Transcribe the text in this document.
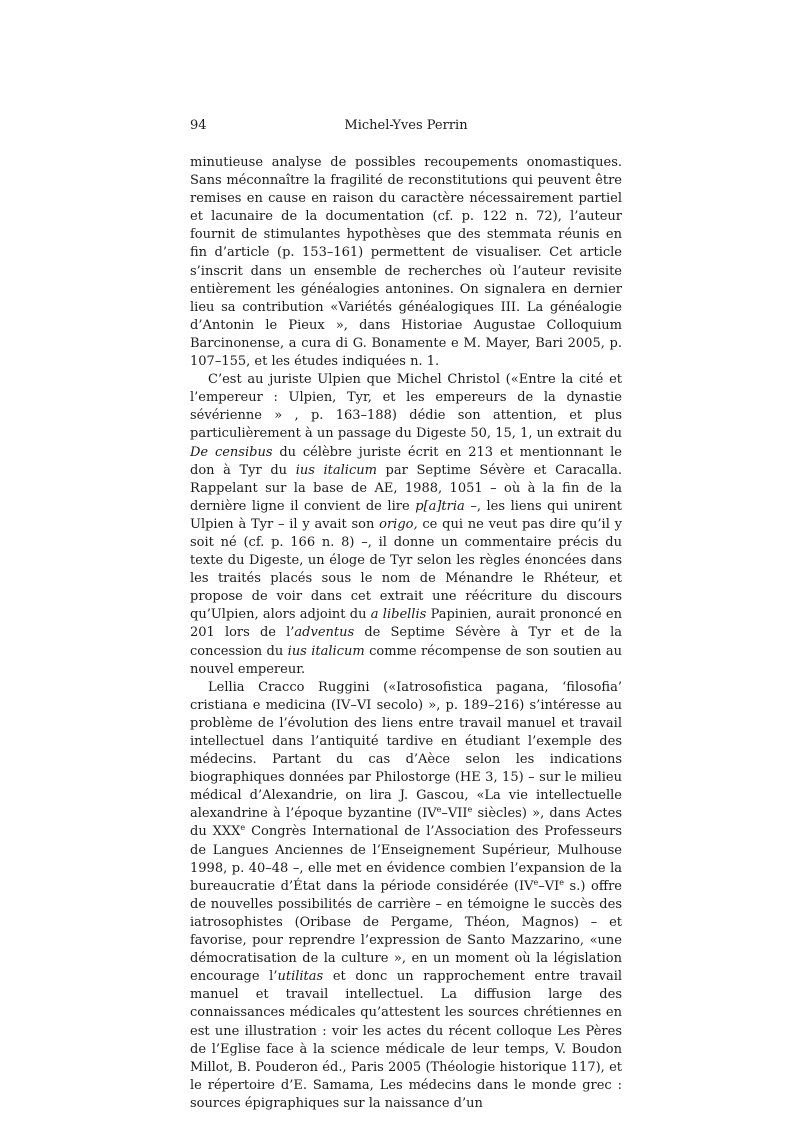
94	Michel-Yves Perrin

minutieuse analyse de possibles recoupements onomastiques. Sans méconnaître la fragilité de reconstitutions qui peuvent être remises en cause en raison du caractère nécessairement partiel et lacunaire de la documentation (cf. p. 122 n. 72), l’auteur fournit de stimulantes hypothèses que des stemmata réunis en fin d’article (p. 153–161) permettent de visualiser. Cet article s’inscrit dans un ensemble de recherches où l’auteur revisite entièrement les généalogies antonines. On signalera en dernier lieu sa contribution «Variétés généalogiques III. La généalogie d’Antonin le Pieux », dans Historiae Augustae Colloquium Barcinonense, a cura di G. Bonamente e M. Mayer, Bari 2005, p. 107–155, et les études indiquées n. 1.

C’est au juriste Ulpien que Michel Christol («Entre la cité et l’empereur : Ulpien, Tyr, et les empereurs de la dynastie sévérienne » , p. 163–188) dédie son attention, et plus particulièrement à un passage du Digeste 50, 15, 1, un extrait du De censibus du célèbre juriste écrit en 213 et mentionnant le don à Tyr du ius italicum par Septime Sévère et Caracalla. Rappelant sur la base de AE, 1988, 1051 – où à la fin de la dernière ligne il convient de lire p[a]tria –, les liens qui unirent Ulpien à Tyr – il y avait son origo, ce qui ne veut pas dire qu’il y soit né (cf. p. 166 n. 8) –, il donne un commentaire précis du texte du Digeste, un éloge de Tyr selon les règles énoncées dans les traités placés sous le nom de Ménandre le Rhéteur, et propose de voir dans cet extrait une réécriture du discours qu’Ulpien, alors adjoint du a libellis Papinien, aurait prononcé en 201 lors de l’adventus de Septime Sévère à Tyr et de la concession du ius italicum comme récompense de son soutien au nouvel empereur.

Lellia Cracco Ruggini («Iatrosofistica pagana, ‘filosofia’ cristiana e medicina (IV–VI secolo) », p. 189–216) s’intéresse au problème de l’évolution des liens entre travail manuel et travail intellectuel dans l’antiquité tardive en étudiant l’exemple des médecins. Partant du cas d’Aèce selon les indications biographiques données par Philostorge (HE 3, 15) – sur le milieu médical d’Alexandrie, on lira J. Gascou, «La vie intellectuelle alexandrine à l’époque byzantine (IVe–VIIe siècles) », dans Actes du XXXe Congrès International de l’Association des Professeurs de Langues Anciennes de l’Enseignement Supérieur, Mulhouse 1998, p. 40–48 –, elle met en évidence combien l’expansion de la bureaucratie d’État dans la période considérée (IVe–VIe s.) offre de nouvelles possibilités de carrière – en témoigne le succès des iatrosophistes (Oribase de Pergame, Théon, Magnos) – et favorise, pour reprendre l’expression de Santo Mazzarino, «une démocratisation de la culture », en un moment où la législation encourage l’utilitas et donc un rapprochement entre travail manuel et travail intellectuel. La diffusion large des connaissances médicales qu’attestent les sources chrétiennes en est une illustration : voir les actes du récent colloque Les Pères de l’Eglise face à la science médicale de leur temps, V. Boudon Millot, B. Pouderon éd., Paris 2005 (Théologie historique 117), et le répertoire d’E. Samama, Les médecins dans le monde grec : sources épigraphiques sur la naissance d’un
